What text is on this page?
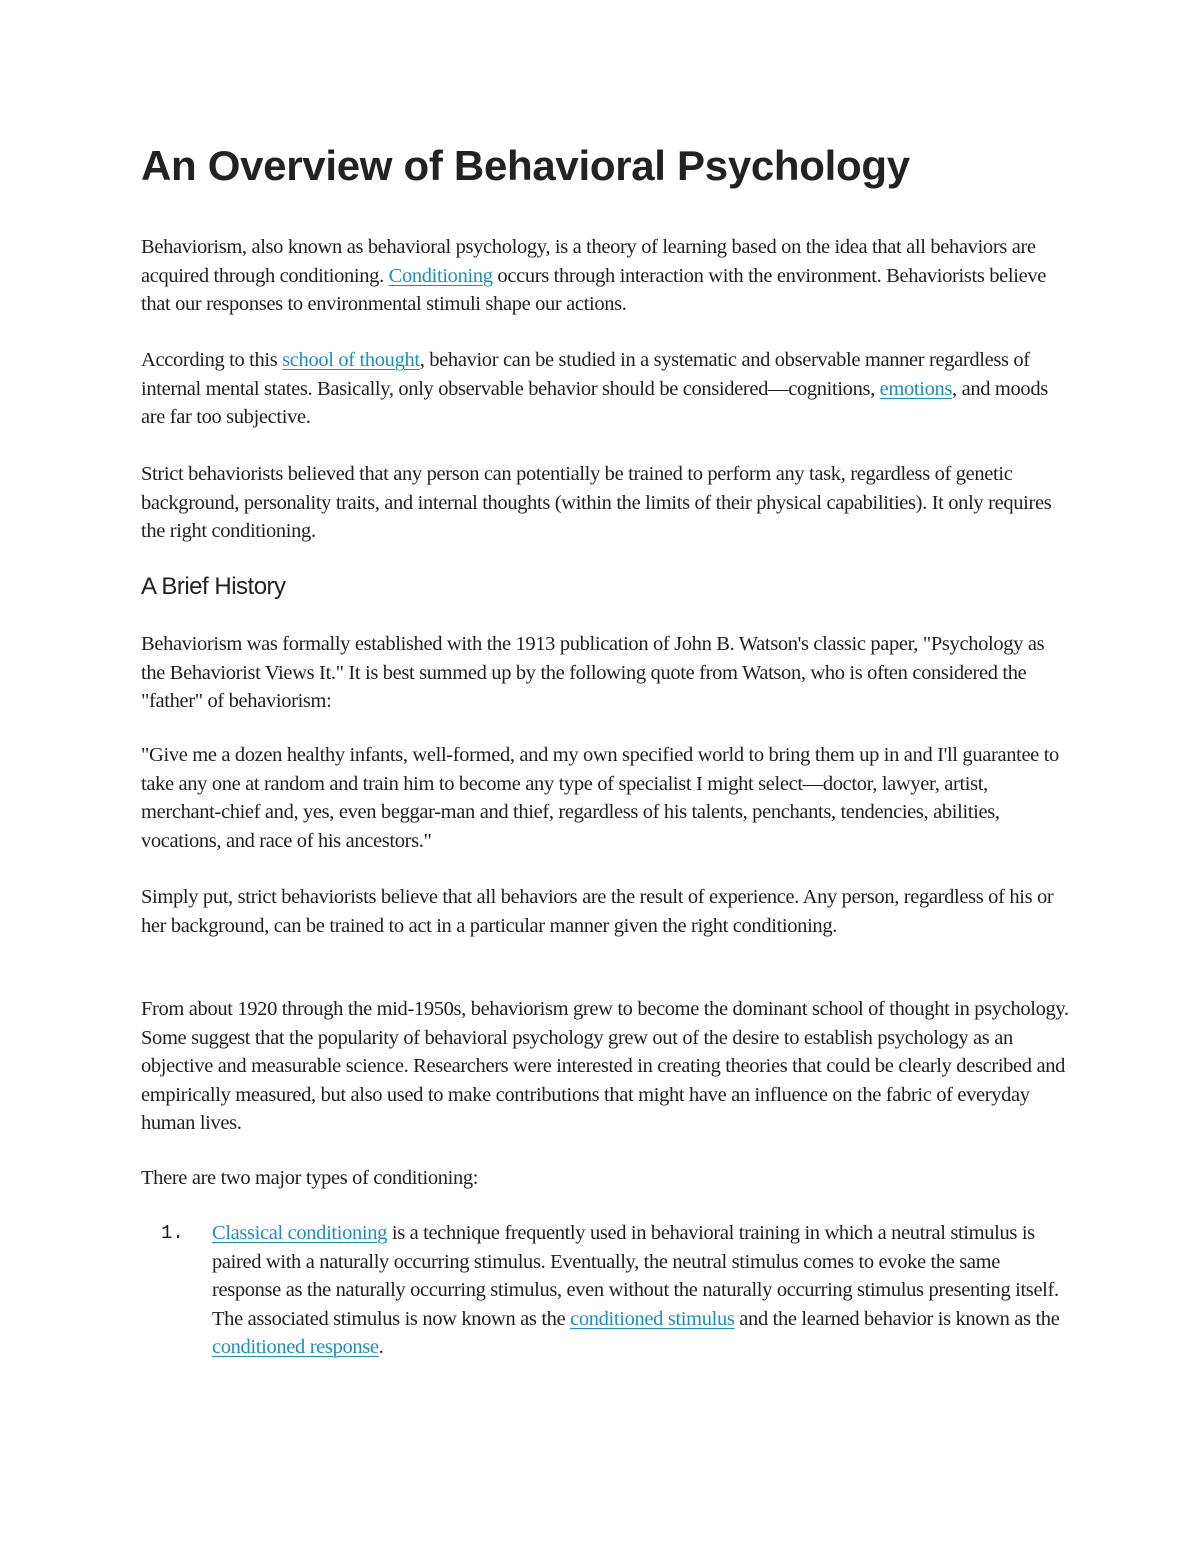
An Overview of Behavioral Psychology

Behaviorism, also known as behavioral psychology, is a theory of learning based on the idea that all behaviors are acquired through conditioning. Conditioning occurs through interaction with the environment. Behaviorists believe that our responses to environmental stimuli shape our actions.

According to this school of thought, behavior can be studied in a systematic and observable manner regardless of internal mental states. Basically, only observable behavior should be considered—cognitions, emotions, and moods are far too subjective.

Strict behaviorists believed that any person can potentially be trained to perform any task, regardless of genetic background, personality traits, and internal thoughts (within the limits of their physical capabilities). It only requires the right conditioning.

A Brief History

Behaviorism was formally established with the 1913 publication of John B. Watson's classic paper, "Psychology as the Behaviorist Views It." It is best summed up by the following quote from Watson, who is often considered the "father" of behaviorism:

"Give me a dozen healthy infants, well-formed, and my own specified world to bring them up in and I'll guarantee to take any one at random and train him to become any type of specialist I might select—doctor, lawyer, artist, merchant-chief and, yes, even beggar-man and thief, regardless of his talents, penchants, tendencies, abilities, vocations, and race of his ancestors."

Simply put, strict behaviorists believe that all behaviors are the result of experience. Any person, regardless of his or her background, can be trained to act in a particular manner given the right conditioning.

From about 1920 through the mid-1950s, behaviorism grew to become the dominant school of thought in psychology. Some suggest that the popularity of behavioral psychology grew out of the desire to establish psychology as an objective and measurable science. Researchers were interested in creating theories that could be clearly described and empirically measured, but also used to make contributions that might have an influence on the fabric of everyday human lives.

There are two major types of conditioning:

1. Classical conditioning is a technique frequently used in behavioral training in which a neutral stimulus is paired with a naturally occurring stimulus. Eventually, the neutral stimulus comes to evoke the same response as the naturally occurring stimulus, even without the naturally occurring stimulus presenting itself. The associated stimulus is now known as the conditioned stimulus and the learned behavior is known as the conditioned response.
